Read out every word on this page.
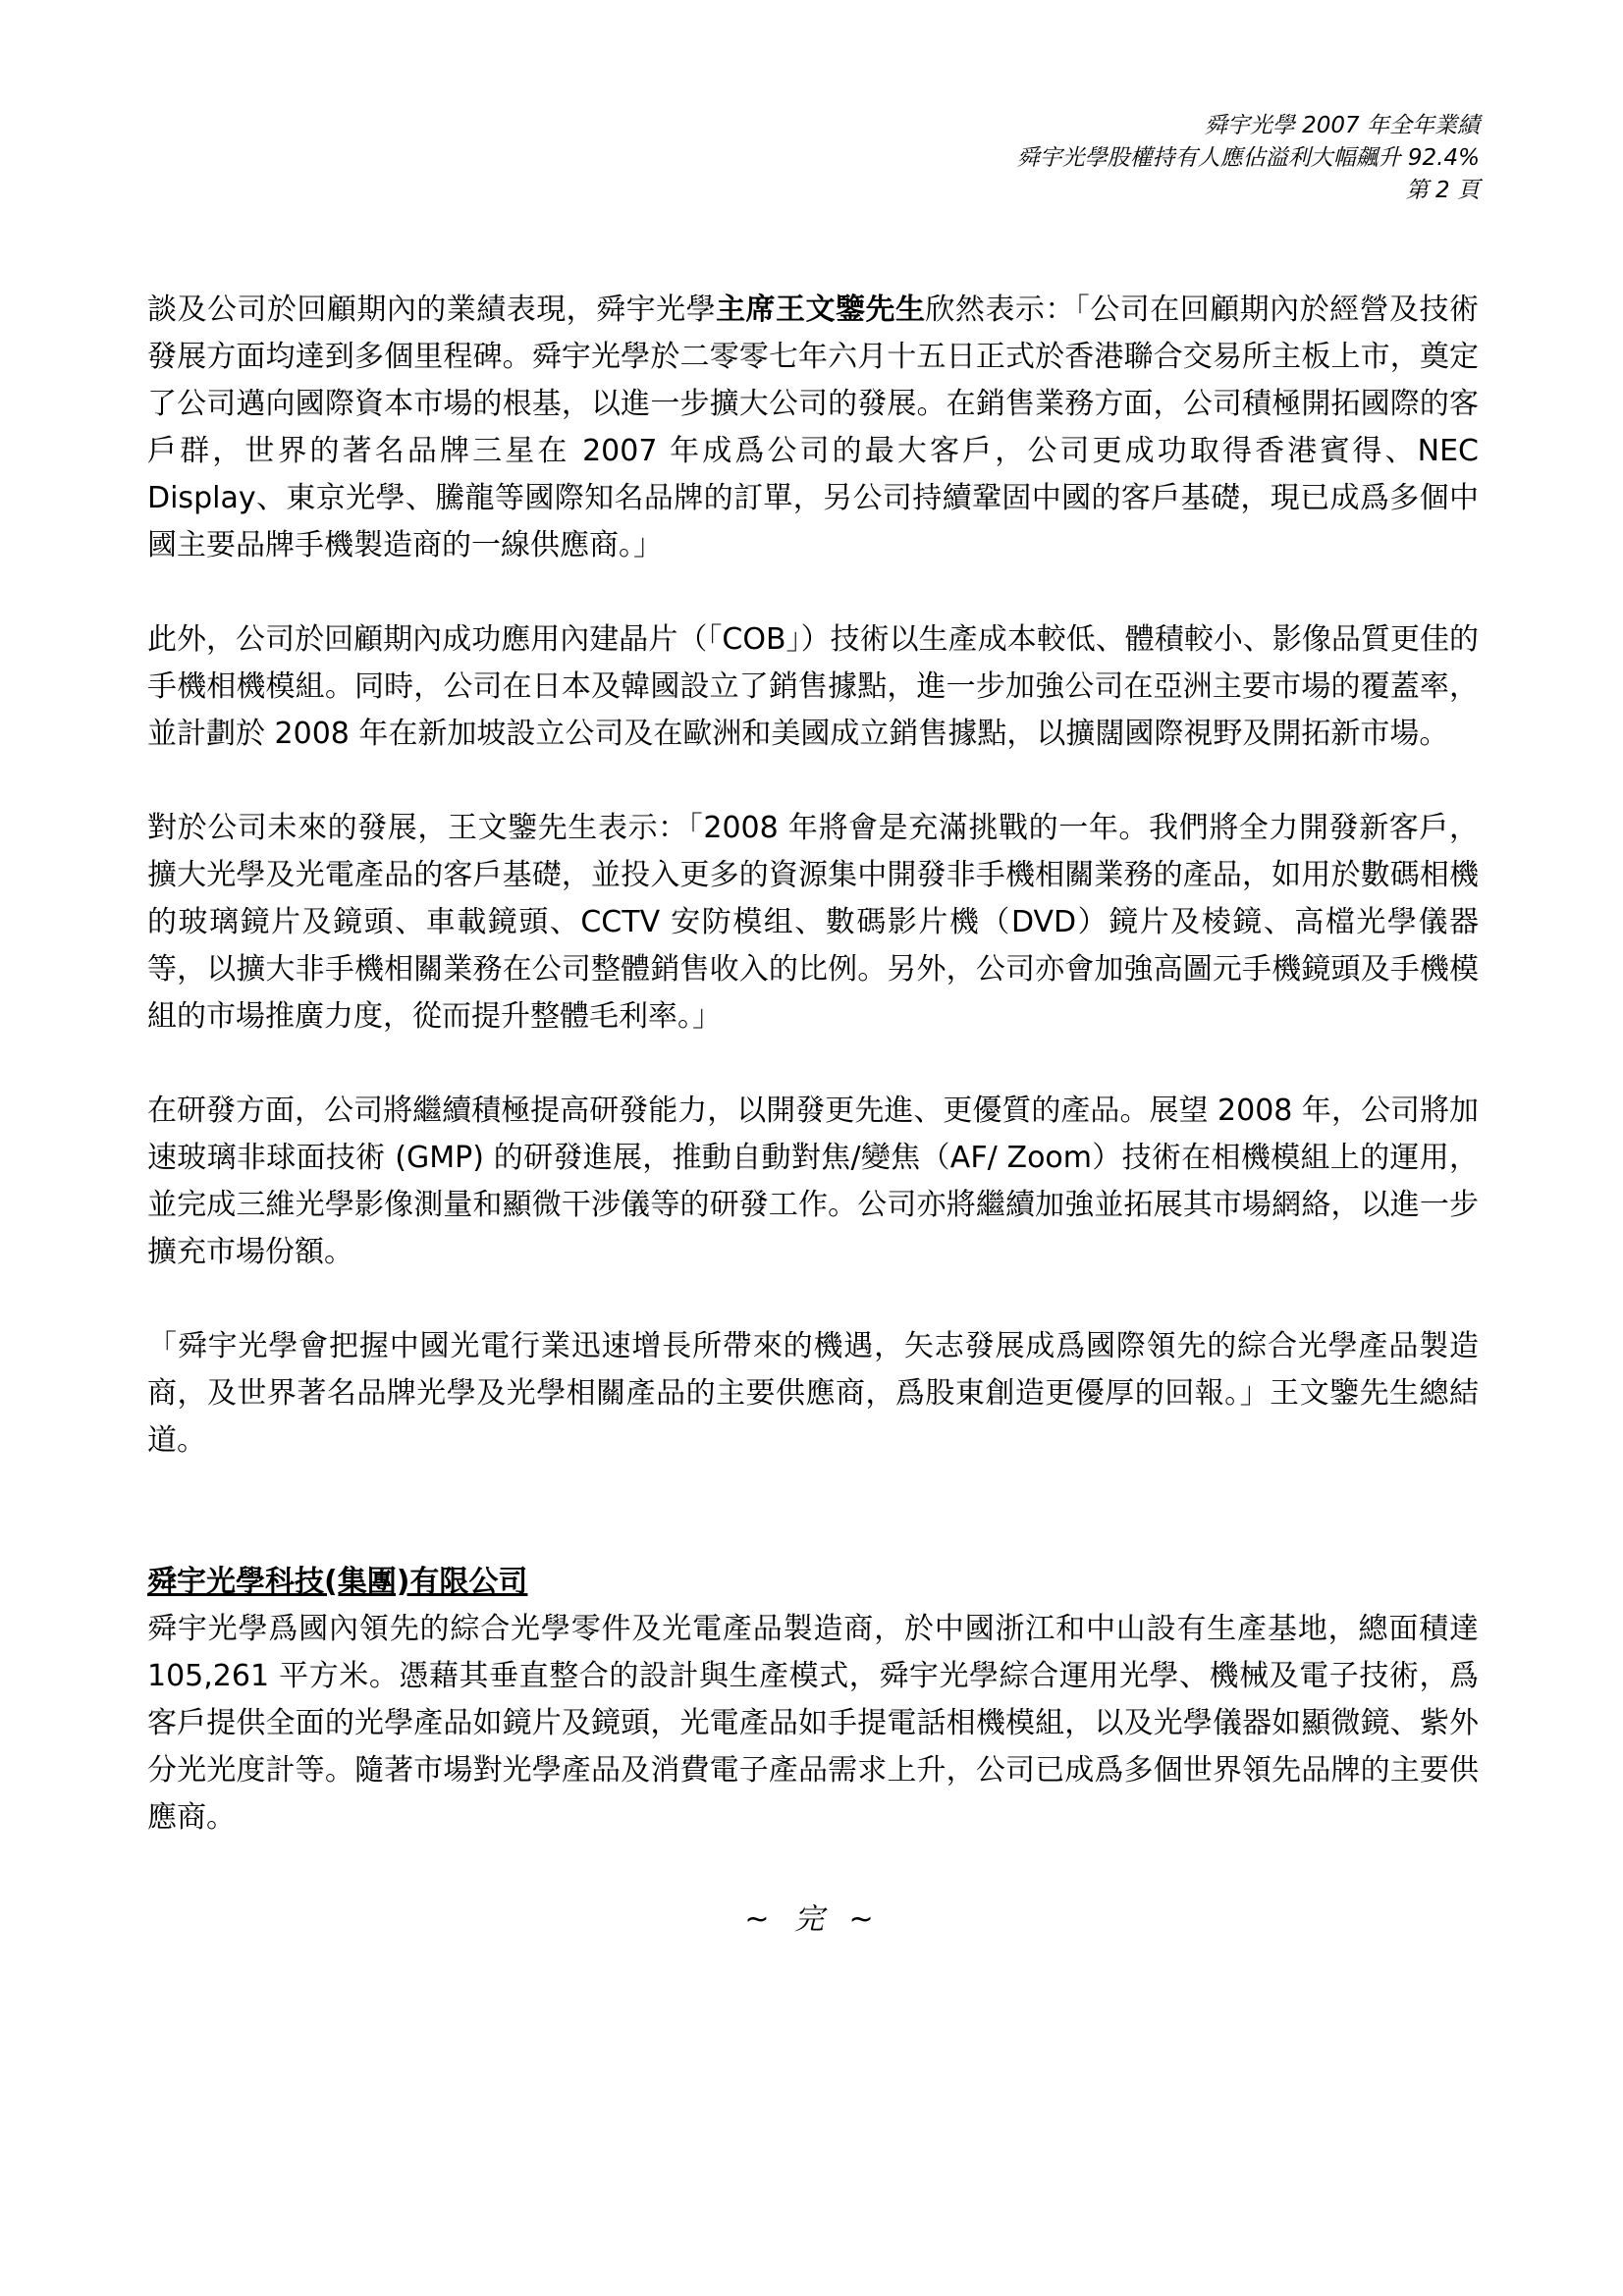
舜宇光學 2007 年全年業績
舜宇光學股權持有人應佔溢利大幅飆升 92.4%
第 2 頁

談及公司於回顧期內的業績表現，舜宇光學主席王文鑒先生欣然表示：「公司在回顧期內於經營及技術發展方面均達到多個里程碑。舜宇光學於二零零七年六月十五日正式於香港聯合交易所主板上市，奠定了公司邁向國際資本市場的根基，以進一步擴大公司的發展。在銷售業務方面，公司積極開拓國際的客戶群，世界的著名品牌三星在 2007 年成爲公司的最大客戶，公司更成功取得香港賓得、NEC Display、東京光學、騰龍等國際知名品牌的訂單，另公司持續鞏固中國的客戶基礎，現已成爲多個中國主要品牌手機製造商的一線供應商。」

此外，公司於回顧期內成功應用內建晶片（「COB」）技術以生產成本較低、體積較小、影像品質更佳的手機相機模組。同時，公司在日本及韓國設立了銷售據點，進一步加強公司在亞洲主要市場的覆蓋率，並計劃於 2008 年在新加坡設立公司及在歐洲和美國成立銷售據點，以擴闊國際視野及開拓新市場。

對於公司未來的發展，王文鑒先生表示：「2008 年將會是充滿挑戰的一年。我們將全力開發新客戶，擴大光學及光電產品的客戶基礎，並投入更多的資源集中開發非手機相關業務的產品，如用於數碼相機的玻璃鏡片及鏡頭、車載鏡頭、CCTV 安防模组、數碼影片機（DVD）鏡片及棱鏡、高檔光學儀器等，以擴大非手機相關業務在公司整體銷售收入的比例。另外，公司亦會加強高圖元手機鏡頭及手機模組的市場推廣力度，從而提升整體毛利率。」

在研發方面，公司將繼續積極提高研發能力，以開發更先進、更優質的產品。展望 2008 年，公司將加速玻璃非球面技術 (GMP) 的研發進展，推動自動對焦/變焦（AF/ Zoom）技術在相機模組上的運用，並完成三維光學影像測量和顯微干涉儀等的研發工作。公司亦將繼續加強並拓展其市場網絡，以進一步擴充市場份額。

「舜宇光學會把握中國光電行業迅速增長所帶來的機遇，矢志發展成爲國際領先的綜合光學產品製造商，及世界著名品牌光學及光學相關產品的主要供應商，爲股東創造更優厚的回報。」王文鑒先生總結道。

舜宇光學科技(集團)有限公司

舜宇光學爲國內領先的綜合光學零件及光電產品製造商，於中國浙江和中山設有生產基地，總面積達 105,261 平方米。憑藉其垂直整合的設計與生產模式，舜宇光學綜合運用光學、機械及電子技術，爲客戶提供全面的光學產品如鏡片及鏡頭，光電產品如手提電話相機模組，以及光學儀器如顯微鏡、紫外分光光度計等。隨著市場對光學產品及消費電子產品需求上升，公司已成爲多個世界領先品牌的主要供應商。

~ 完 ~
